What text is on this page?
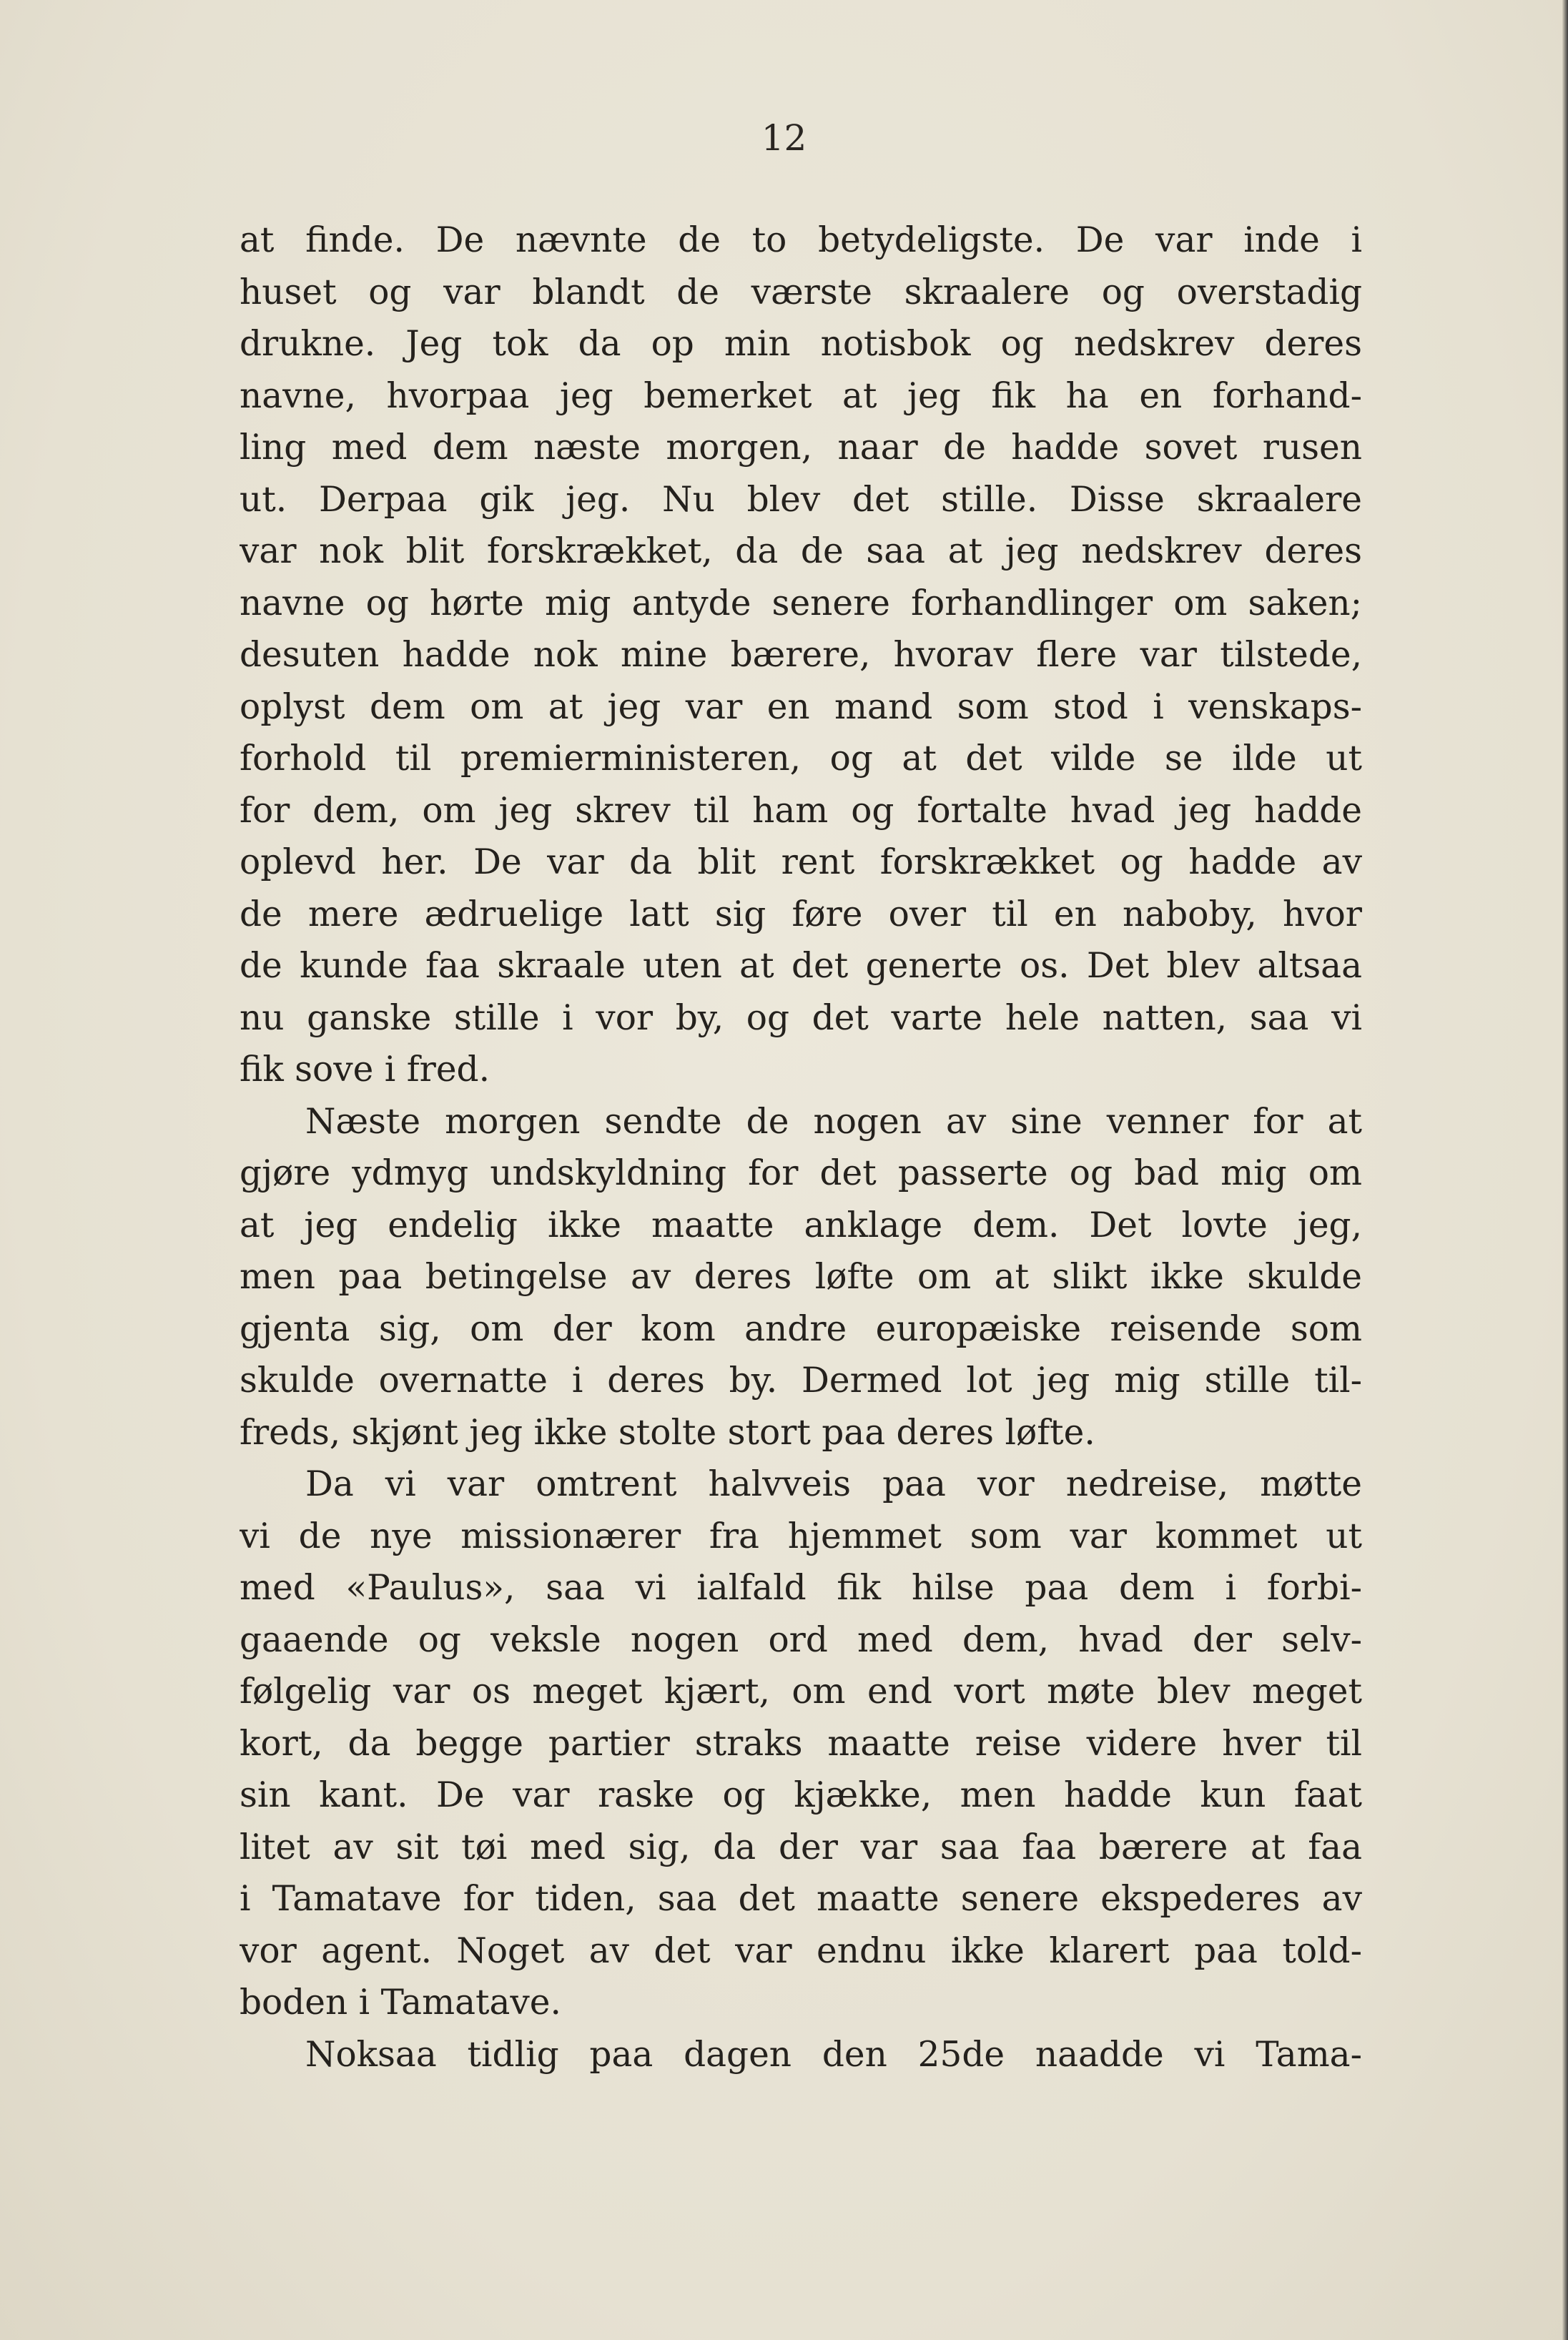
12
at finde. De nævnte de to betydeligste. De var inde i
huset og var blandt de værste skraalere og overstadig
drukne. Jeg tok da op min notisbok og nedskrev deres
navne, hvorpaa jeg bemerket at jeg fik ha en forhand-
ling med dem næste morgen, naar de hadde sovet rusen
ut. Derpaa gik jeg. Nu blev det stille. Disse skraalere
var nok blit forskrækket, da de saa at jeg nedskrev deres
navne og hørte mig antyde senere forhandlinger om saken;
desuten hadde nok mine bærere, hvorav flere var tilstede,
oplyst dem om at jeg var en mand som stod i venskaps-
forhold til premierministeren, og at det vilde se ilde ut
for dem, om jeg skrev til ham og fortalte hvad jeg hadde
oplevd her. De var da blit rent forskrækket og hadde av
de mere ædruelige latt sig føre over til en naboby, hvor
de kunde faa skraale uten at det generte os. Det blev altsaa
nu ganske stille i vor by, og det varte hele natten, saa vi
fik sove i fred.
Næste morgen sendte de nogen av sine venner for at
gjøre ydmyg undskyldning for det passerte og bad mig om
at jeg endelig ikke maatte anklage dem. Det lovte jeg,
men paa betingelse av deres løfte om at slikt ikke skulde
gjenta sig, om der kom andre europæiske reisende som
skulde overnatte i deres by. Dermed lot jeg mig stille til-
freds, skjønt jeg ikke stolte stort paa deres løfte.
Da vi var omtrent halvveis paa vor nedreise, møtte
vi de nye missionærer fra hjemmet som var kommet ut
med «Paulus», saa vi ialfald fik hilse paa dem i forbi-
gaaende og veksle nogen ord med dem, hvad der selv-
følgelig var os meget kjært, om end vort møte blev meget
kort, da begge partier straks maatte reise videre hver til
sin kant. De var raske og kjække, men hadde kun faat
litet av sit tøi med sig, da der var saa faa bærere at faa
i Tamatave for tiden, saa det maatte senere ekspederes av
vor agent. Noget av det var endnu ikke klarert paa told-
boden i Tamatave.
Noksaa tidlig paa dagen den 25de naadde vi Tama-
